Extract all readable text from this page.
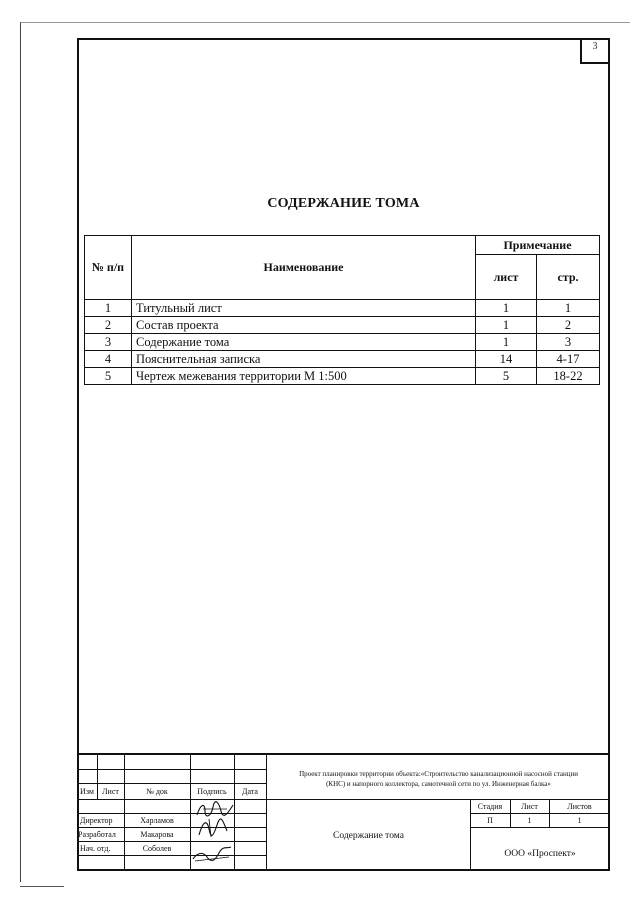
3
СОДЕРЖАНИЕ ТОМА
№ п/п	Наименование	Примечание	
		лист	стр.
1	Титульный лист	1	1
2	Состав проекта	1	2
3	Содержание тома	1	3
4	Пояснительная записка	14	4-17
5	Чертеж межевания территории М 1:500	5	18-22
Проект планировки территории объекта:«Строительство канализационной насосной станции
(КНС) и напорного коллектора, самотечной сети по ул. Инженерная балка»
Изм	Лист	№ док	Подпись	Дата
Директор	Харламов
Разработал	Макарова
Нач. отд.	Соболев
Содержание тома
Стадия	Лист	Листов
П	1	1
ООО «Проспект»
